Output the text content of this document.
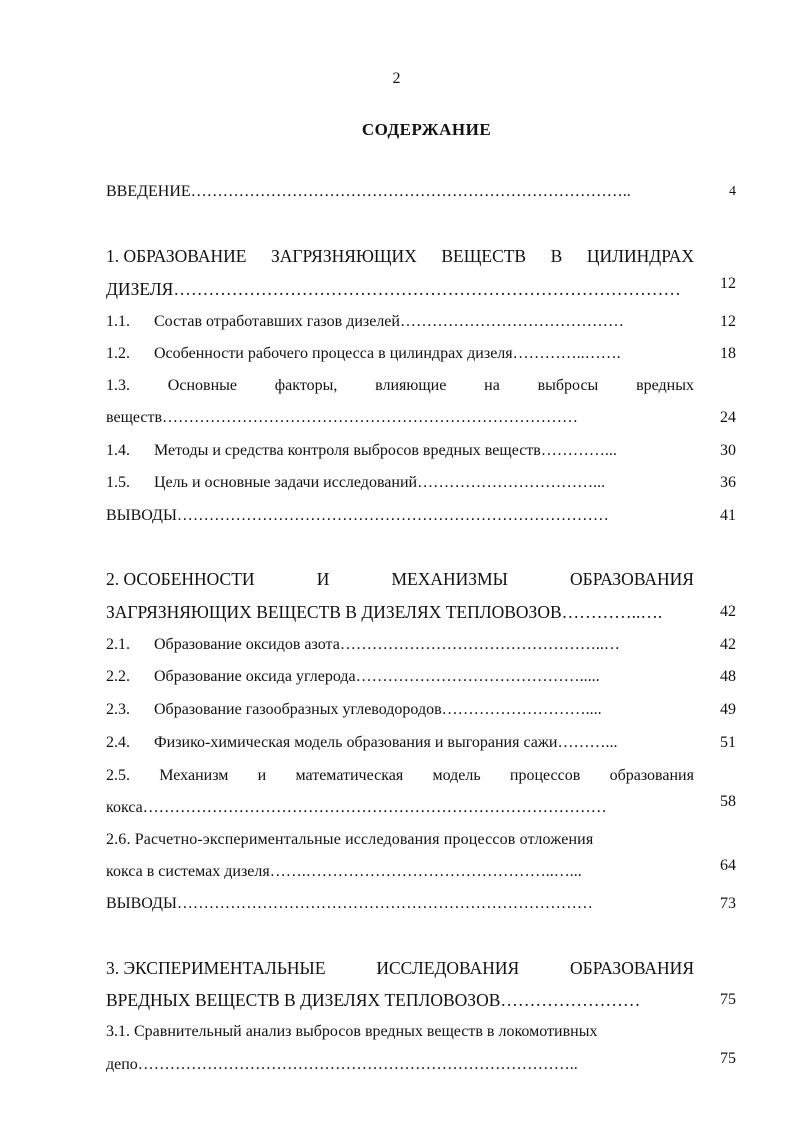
2
СОДЕРЖАНИЕ
ВВЕДЕНИЕ………………………………………………………………………..	4
1. ОБРАЗОВАНИЕ ЗАГРЯЗНЯЮЩИХ ВЕЩЕСТВ В ЦИЛИНДРАХ
ДИЗЕЛЯ……………………………………………………………………………	12
1.1. Состав отработавших газов дизелей……………………………………	12
1.2. Особенности рабочего процесса в цилиндрах дизеля…………..…….	18
1.3. Основные факторы, влияющие на выбросы вредных
веществ……………………………………………………………………	24
1.4. Методы и средства контроля выбросов вредных веществ…………...	30
1.5. Цель и основные задачи исследований……………………………...	36
ВЫВОДЫ………………………………………………………………………	41
2. ОСОБЕННОСТИ	И	МЕХАНИЗМЫ	ОБРАЗОВАНИЯ
ЗАГРЯЗНЯЮЩИХ ВЕЩЕСТВ В ДИЗЕЛЯХ ТЕПЛОВОЗОВ…………..….	42
2.1. Образование оксидов азота…………………………………………..…	42
2.2. Образование оксида углерода…………………………………….....	48
2.3. Образование газообразных углеводородов………………………....	49
2.4. Физико-химическая модель образования и выгорания сажи………...	51
2.5. Механизм и математическая модель процессов образования
кокса……………………………………………………………………………	58
2.6. Расчетно-экспериментальные исследования процессов отложения
кокса в системах дизеля…….………………………………………..…...	64
ВЫВОДЫ……………………………………………………………………	73
3. ЭКСПЕРИМЕНТАЛЬНЫЕ	ИССЛЕДОВАНИЯ	ОБРАЗОВАНИЯ
ВРЕДНЫХ ВЕЩЕСТВ В ДИЗЕЛЯХ ТЕПЛОВОЗОВ……………………	75
3.1. Сравнительный анализ выбросов вредных веществ в локомотивных
депо………………………………………………………………………..	75
